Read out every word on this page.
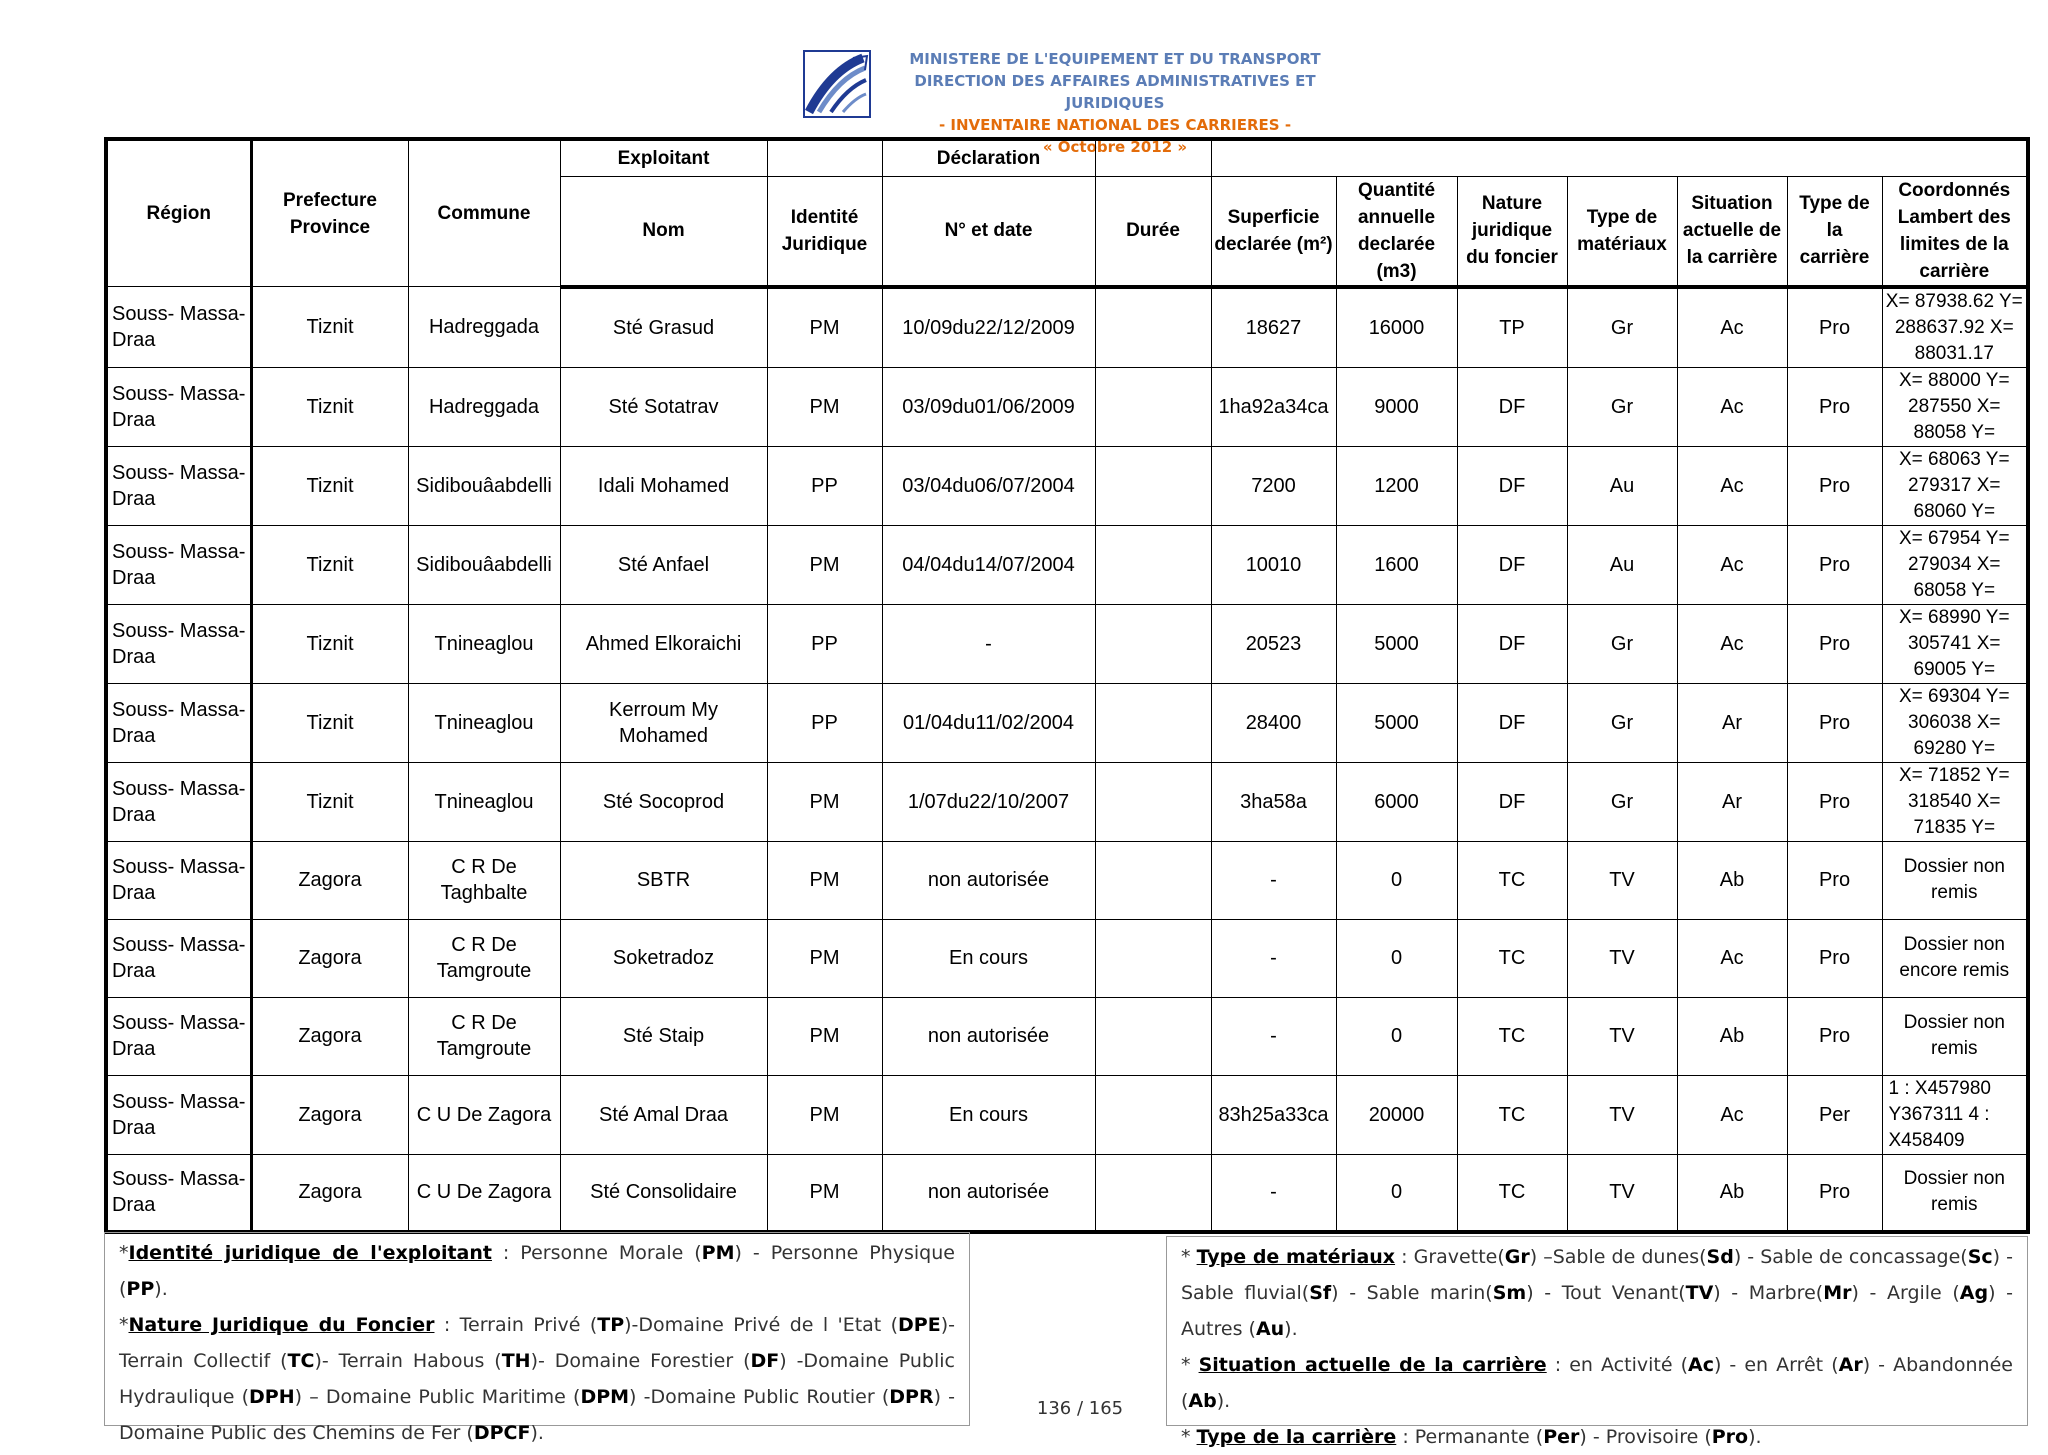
MINISTERE DE L'EQUIPEMENT ET DU TRANSPORT
DIRECTION DES AFFAIRES ADMINISTRATIVES ET JURIDIQUES
- INVENTAIRE NATIONAL DES CARRIERES -
« Octobre 2012 »
Région	Prefecture Province	Commune	Exploitant		Déclaration								
			Nom	Identité Juridique	N° et date	Durée	Superficie declarée (m²)	Quantité annuelle declarée (m3)	Nature juridique du foncier	Type de matériaux	Situation actuelle de la carrière	Type de la carrière	Coordonnés Lambert des limites de la carrière
Souss- Massa-Draa	Tiznit	Hadreggada	Sté Grasud	PM	10/09du22/12/2009		18627	16000	TP	Gr	Ac	Pro	X= 87938.62 Y= 288637.92 X= 88031.17
Souss- Massa-Draa	Tiznit	Hadreggada	Sté Sotatrav	PM	03/09du01/06/2009		1ha92a34ca	9000	DF	Gr	Ac	Pro	X= 88000 Y= 287550 X= 88058 Y=
Souss- Massa-Draa	Tiznit	Sidibouâabdelli	Idali Mohamed	PP	03/04du06/07/2004		7200	1200	DF	Au	Ac	Pro	X= 68063 Y= 279317 X= 68060 Y=
Souss- Massa-Draa	Tiznit	Sidibouâabdelli	Sté Anfael	PM	04/04du14/07/2004		10010	1600	DF	Au	Ac	Pro	X= 67954 Y= 279034 X= 68058 Y=
Souss- Massa-Draa	Tiznit	Tnineaglou	Ahmed Elkoraichi	PP	-		20523	5000	DF	Gr	Ac	Pro	X= 68990 Y= 305741 X= 69005 Y=
Souss- Massa-Draa	Tiznit	Tnineaglou	Kerroum My Mohamed	PP	01/04du11/02/2004		28400	5000	DF	Gr	Ar	Pro	X= 69304 Y= 306038 X= 69280 Y=
Souss- Massa-Draa	Tiznit	Tnineaglou	Sté Socoprod	PM	1/07du22/10/2007		3ha58a	6000	DF	Gr	Ar	Pro	X= 71852 Y= 318540 X= 71835 Y=
Souss- Massa-Draa	Zagora	C R De Taghbalte	SBTR	PM	non autorisée		-	0	TC	TV	Ab	Pro	Dossier non remis
Souss- Massa-Draa	Zagora	C R De Tamgroute	Soketradoz	PM	En cours		-	0	TC	TV	Ac	Pro	Dossier non encore remis
Souss- Massa-Draa	Zagora	C R De Tamgroute	Sté Staip	PM	non autorisée		-	0	TC	TV	Ab	Pro	Dossier non remis
Souss- Massa-Draa	Zagora	C U De Zagora	Sté Amal Draa	PM	En cours		83h25a33ca	20000	TC	TV	Ac	Per	1 : X457980 Y367311 4 : X458409
Souss- Massa-Draa	Zagora	C U De Zagora	Sté Consolidaire	PM	non autorisée		-	0	TC	TV	Ab	Pro	Dossier non remis
*Identité juridique de l'exploitant : Personne Morale (PM) - Personne Physique (PP).
*Nature Juridique du Foncier : Terrain Privé (TP)-Domaine Privé de l 'Etat (DPE)- Terrain Collectif (TC)- Terrain Habous (TH)- Domaine Forestier (DF) -Domaine Public Hydraulique (DPH) – Domaine Public Maritime (DPM) -Domaine Public Routier (DPR) - Domaine Public des Chemins de Fer (DPCF).
* Type de matériaux : Gravette(Gr) –Sable de dunes(Sd) - Sable de concassage(Sc) - Sable fluvial(Sf) - Sable marin(Sm) - Tout Venant(TV) - Marbre(Mr) - Argile (Ag) - Autres (Au).
* Situation actuelle de la carrière : en Activité (Ac) - en Arrêt (Ar) - Abandonnée (Ab).
* Type de la carrière : Permanante (Per) - Provisoire (Pro).
136 / 165
